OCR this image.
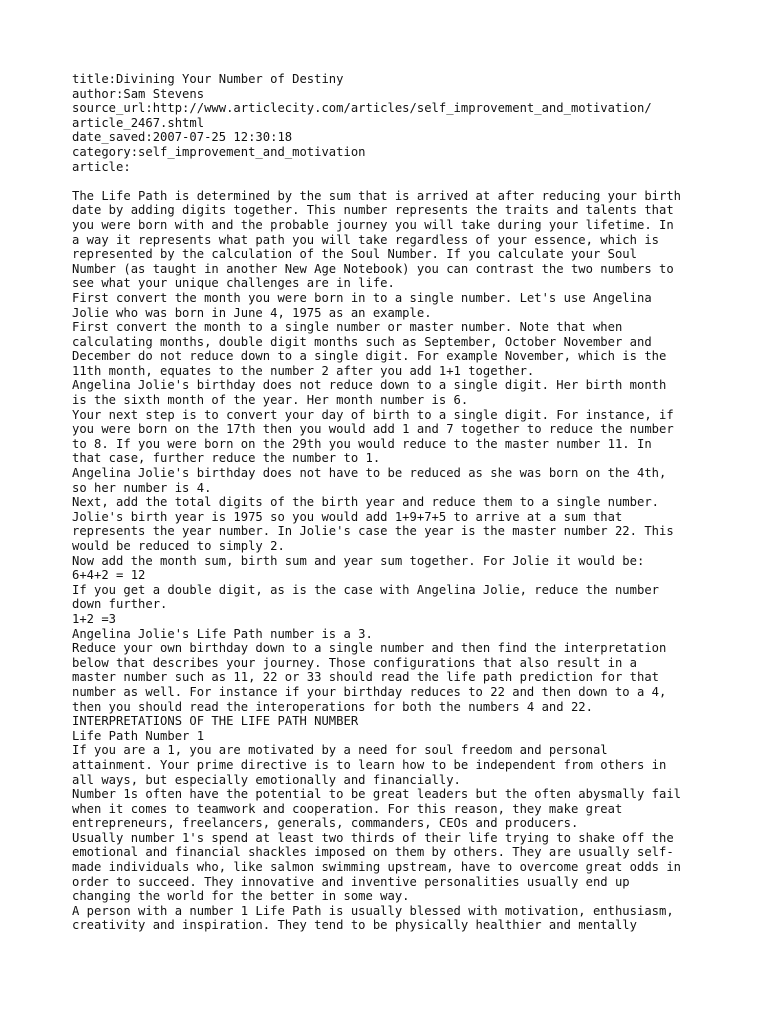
title:Divining Your Number of Destiny
author:Sam Stevens
source_url:http://www.articlecity.com/articles/self_improvement_and_motivation/
article_2467.shtml
date_saved:2007-07-25 12:30:18
category:self_improvement_and_motivation
article:
The Life Path is determined by the sum that is arrived at after reducing your birth
date by adding digits together. This number represents the traits and talents that
you were born with and the probable journey you will take during your lifetime. In
a way it represents what path you will take regardless of your essence, which is
represented by the calculation of the Soul Number. If you calculate your Soul
Number (as taught in another New Age Notebook) you can contrast the two numbers to
see what your unique challenges are in life.
First convert the month you were born in to a single number. Let's use Angelina
Jolie who was born in June 4, 1975 as an example.
First convert the month to a single number or master number. Note that when
calculating months, double digit months such as September, October November and
December do not reduce down to a single digit. For example November, which is the
11th month, equates to the number 2 after you add 1+1 together.
Angelina Jolie's birthday does not reduce down to a single digit. Her birth month
is the sixth month of the year. Her month number is 6.
Your next step is to convert your day of birth to a single digit. For instance, if
you were born on the 17th then you would add 1 and 7 together to reduce the number
to 8. If you were born on the 29th you would reduce to the master number 11. In
that case, further reduce the number to 1.
Angelina Jolie's birthday does not have to be reduced as she was born on the 4th,
so her number is 4.
Next, add the total digits of the birth year and reduce them to a single number.
Jolie's birth year is 1975 so you would add 1+9+7+5 to arrive at a sum that
represents the year number. In Jolie's case the year is the master number 22. This
would be reduced to simply 2.
Now add the month sum, birth sum and year sum together. For Jolie it would be:
6+4+2 = 12
If you get a double digit, as is the case with Angelina Jolie, reduce the number
down further.
1+2 =3
Angelina Jolie's Life Path number is a 3.
Reduce your own birthday down to a single number and then find the interpretation
below that describes your journey. Those configurations that also result in a
master number such as 11, 22 or 33 should read the life path prediction for that
number as well. For instance if your birthday reduces to 22 and then down to a 4,
then you should read the interoperations for both the numbers 4 and 22.
INTERPRETATIONS OF THE LIFE PATH NUMBER
Life Path Number 1
If you are a 1, you are motivated by a need for soul freedom and personal
attainment. Your prime directive is to learn how to be independent from others in
all ways, but especially emotionally and financially.
Number 1s often have the potential to be great leaders but the often abysmally fail
when it comes to teamwork and cooperation. For this reason, they make great
entrepreneurs, freelancers, generals, commanders, CEOs and producers.
Usually number 1's spend at least two thirds of their life trying to shake off the
emotional and financial shackles imposed on them by others. They are usually self-
made individuals who, like salmon swimming upstream, have to overcome great odds in
order to succeed. They innovative and inventive personalities usually end up
changing the world for the better in some way.
A person with a number 1 Life Path is usually blessed with motivation, enthusiasm,
creativity and inspiration. They tend to be physically healthier and mentally
